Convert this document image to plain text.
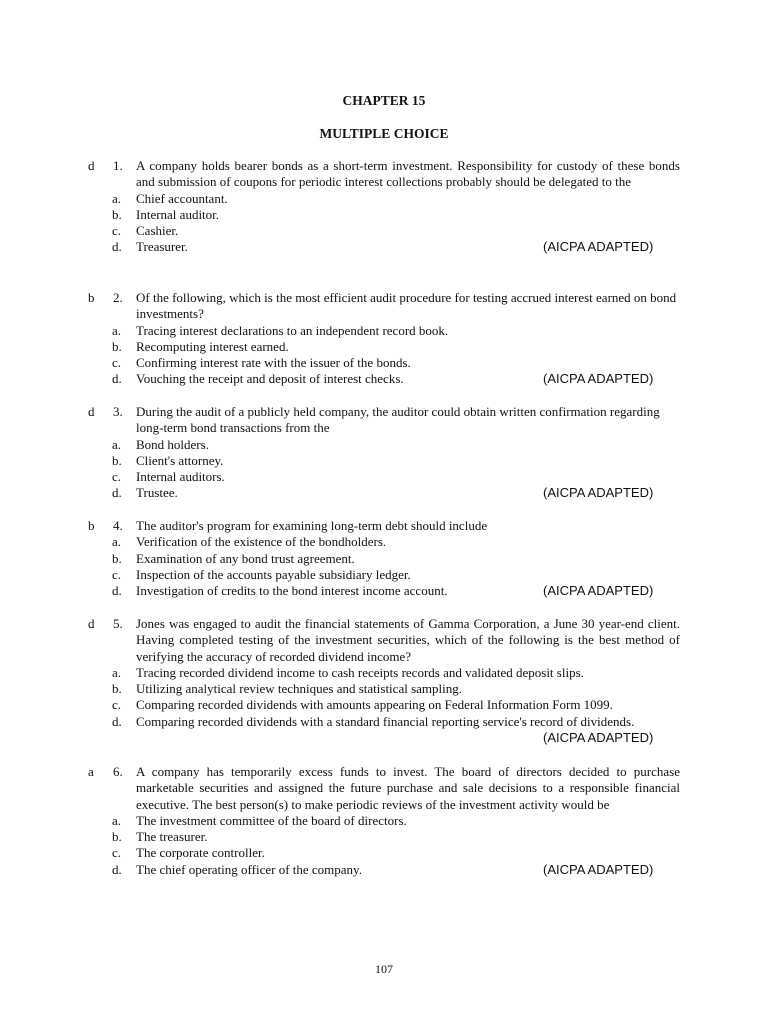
CHAPTER 15
MULTIPLE CHOICE
d 1. A company holds bearer bonds as a short-term investment. Responsibility for custody of these bonds and submission of coupons for periodic interest collections probably should be delegated to the
a. Chief accountant.
b. Internal auditor.
c. Cashier.
d. Treasurer.	(AICPA ADAPTED)
b 2. Of the following, which is the most efficient audit procedure for testing accrued interest earned on bond investments?
a. Tracing interest declarations to an independent record book.
b. Recomputing interest earned.
c. Confirming interest rate with the issuer of the bonds.
d. Vouching the receipt and deposit of interest checks.	(AICPA ADAPTED)
d 3. During the audit of a publicly held company, the auditor could obtain written confirmation regarding long-term bond transactions from the
a. Bond holders.
b. Client's attorney.
c. Internal auditors.
d. Trustee.	(AICPA ADAPTED)
b 4. The auditor's program for examining long-term debt should include
a. Verification of the existence of the bondholders.
b. Examination of any bond trust agreement.
c. Inspection of the accounts payable subsidiary ledger.
d. Investigation of credits to the bond interest income account.	(AICPA ADAPTED)
d 5. Jones was engaged to audit the financial statements of Gamma Corporation, a June 30 year-end client. Having completed testing of the investment securities, which of the following is the best method of verifying the accuracy of recorded dividend income?
a. Tracing recorded dividend income to cash receipts records and validated deposit slips.
b. Utilizing analytical review techniques and statistical sampling.
c. Comparing recorded dividends with amounts appearing on Federal Information Form 1099.
d. Comparing recorded dividends with a standard financial reporting service's record of dividends.
(AICPA ADAPTED)
a 6. A company has temporarily excess funds to invest. The board of directors decided to purchase marketable securities and assigned the future purchase and sale decisions to a responsible financial executive. The best person(s) to make periodic reviews of the investment activity would be
a. The investment committee of the board of directors.
b. The treasurer.
c. The corporate controller.
d. The chief operating officer of the company.	(AICPA ADAPTED)
107
